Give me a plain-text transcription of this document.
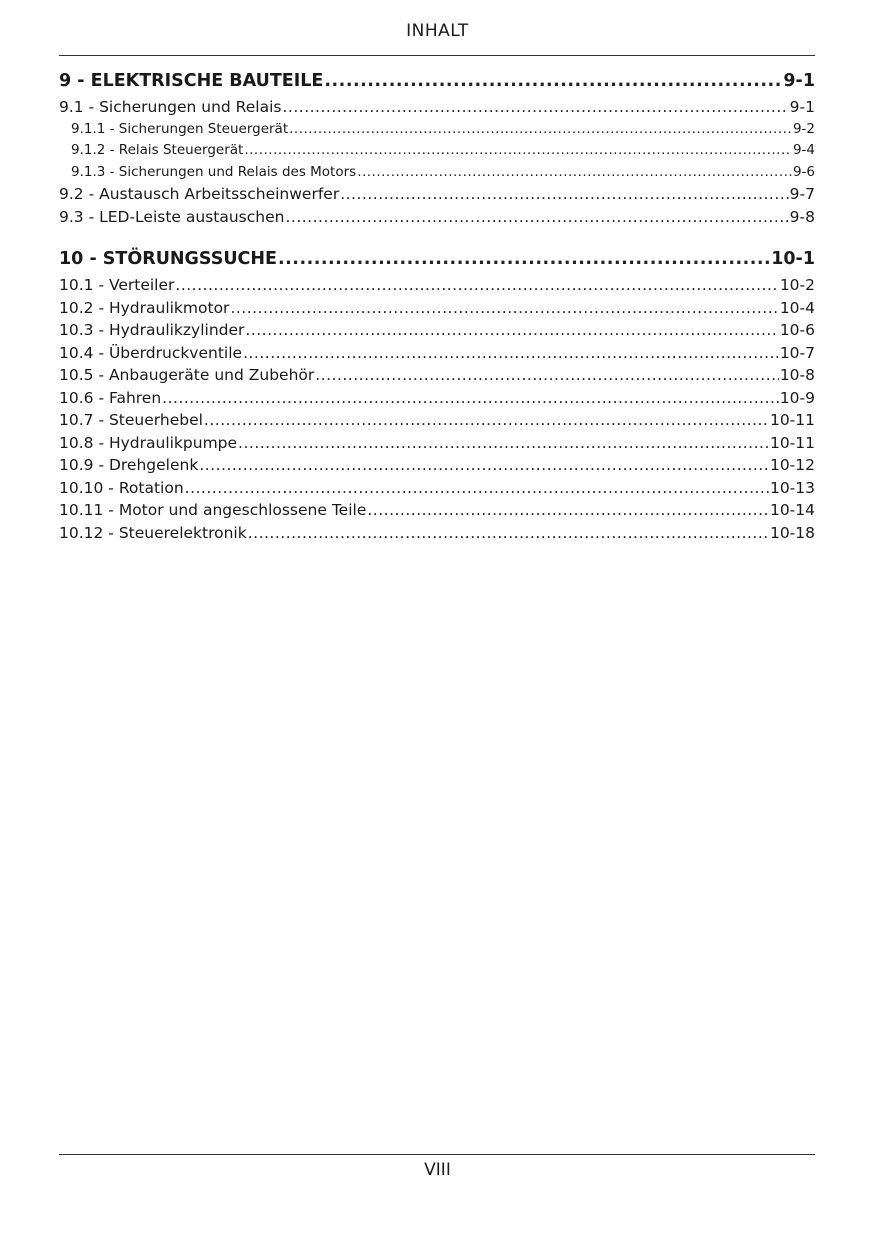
INHALT
9 - ELEKTRISCHE BAUTEILE .....	9-1
9.1 - Sicherungen und Relais .....	9-1
9.1.1 - Sicherungen Steuergerät .....	9-2
9.1.2 - Relais Steuergerät .....	9-4
9.1.3 - Sicherungen und Relais des Motors .....	9-6
9.2 - Austausch Arbeitsscheinwerfer .....	9-7
9.3 - LED-Leiste austauschen .....	9-8
10 - STÖRUNGSSUCHE .....	10-1
10.1 - Verteiler .....	10-2
10.2 - Hydraulikmotor .....	10-4
10.3 - Hydraulikzylinder .....	10-6
10.4 - Überdruckventile .....	10-7
10.5 - Anbaugeräte und Zubehör .....	10-8
10.6 - Fahren .....	10-9
10.7 - Steuerhebel .....	10-11
10.8 - Hydraulikpumpe .....	10-11
10.9 - Drehgelenk .....	10-12
10.10 - Rotation .....	10-13
10.11 - Motor und angeschlossene Teile .....	10-14
10.12 - Steuerelektronik .....	10-18
VIII
